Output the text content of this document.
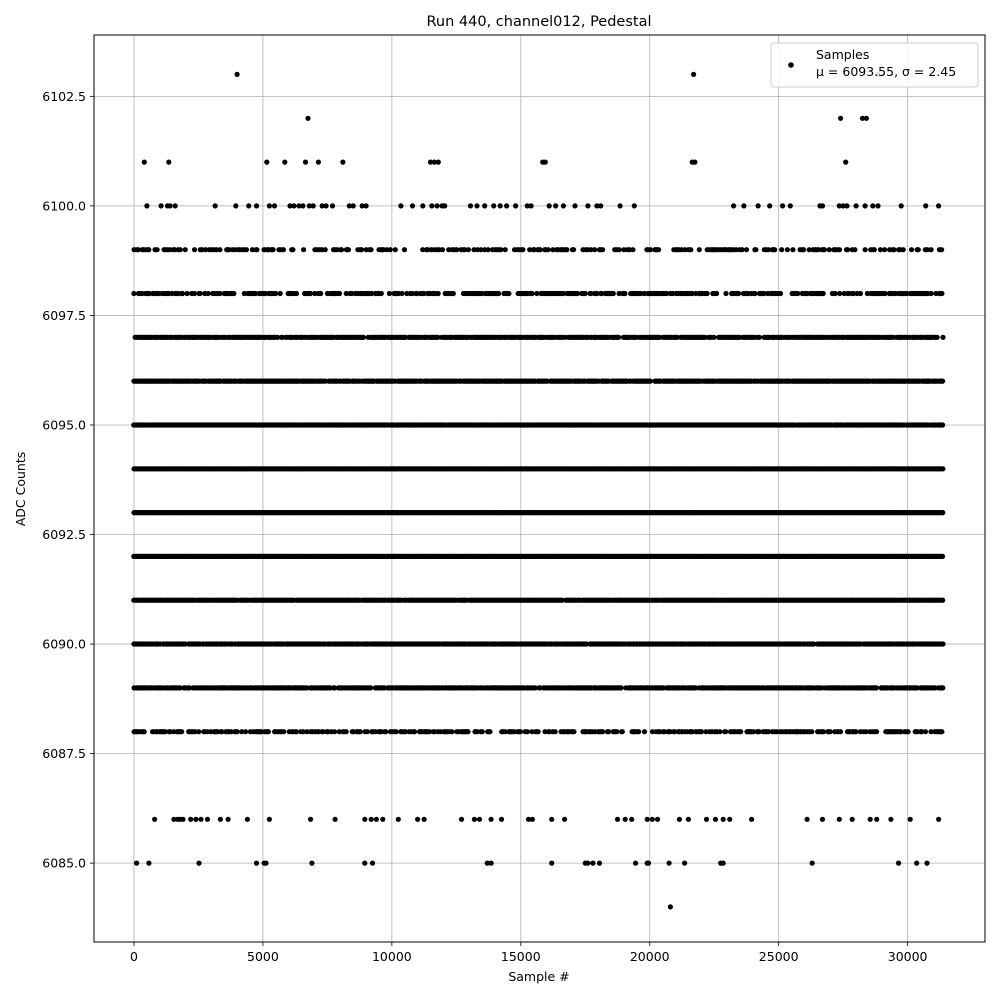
Run 440, channel012, Pedestal
0	5000	10000	15000	20000	25000	30000
6085.0
6087.5
6090.0
6092.5
6095.0
6097.5
6100.0
6102.5
Sample #
ADC Counts
Samples
μ = 6093.55, σ = 2.45
